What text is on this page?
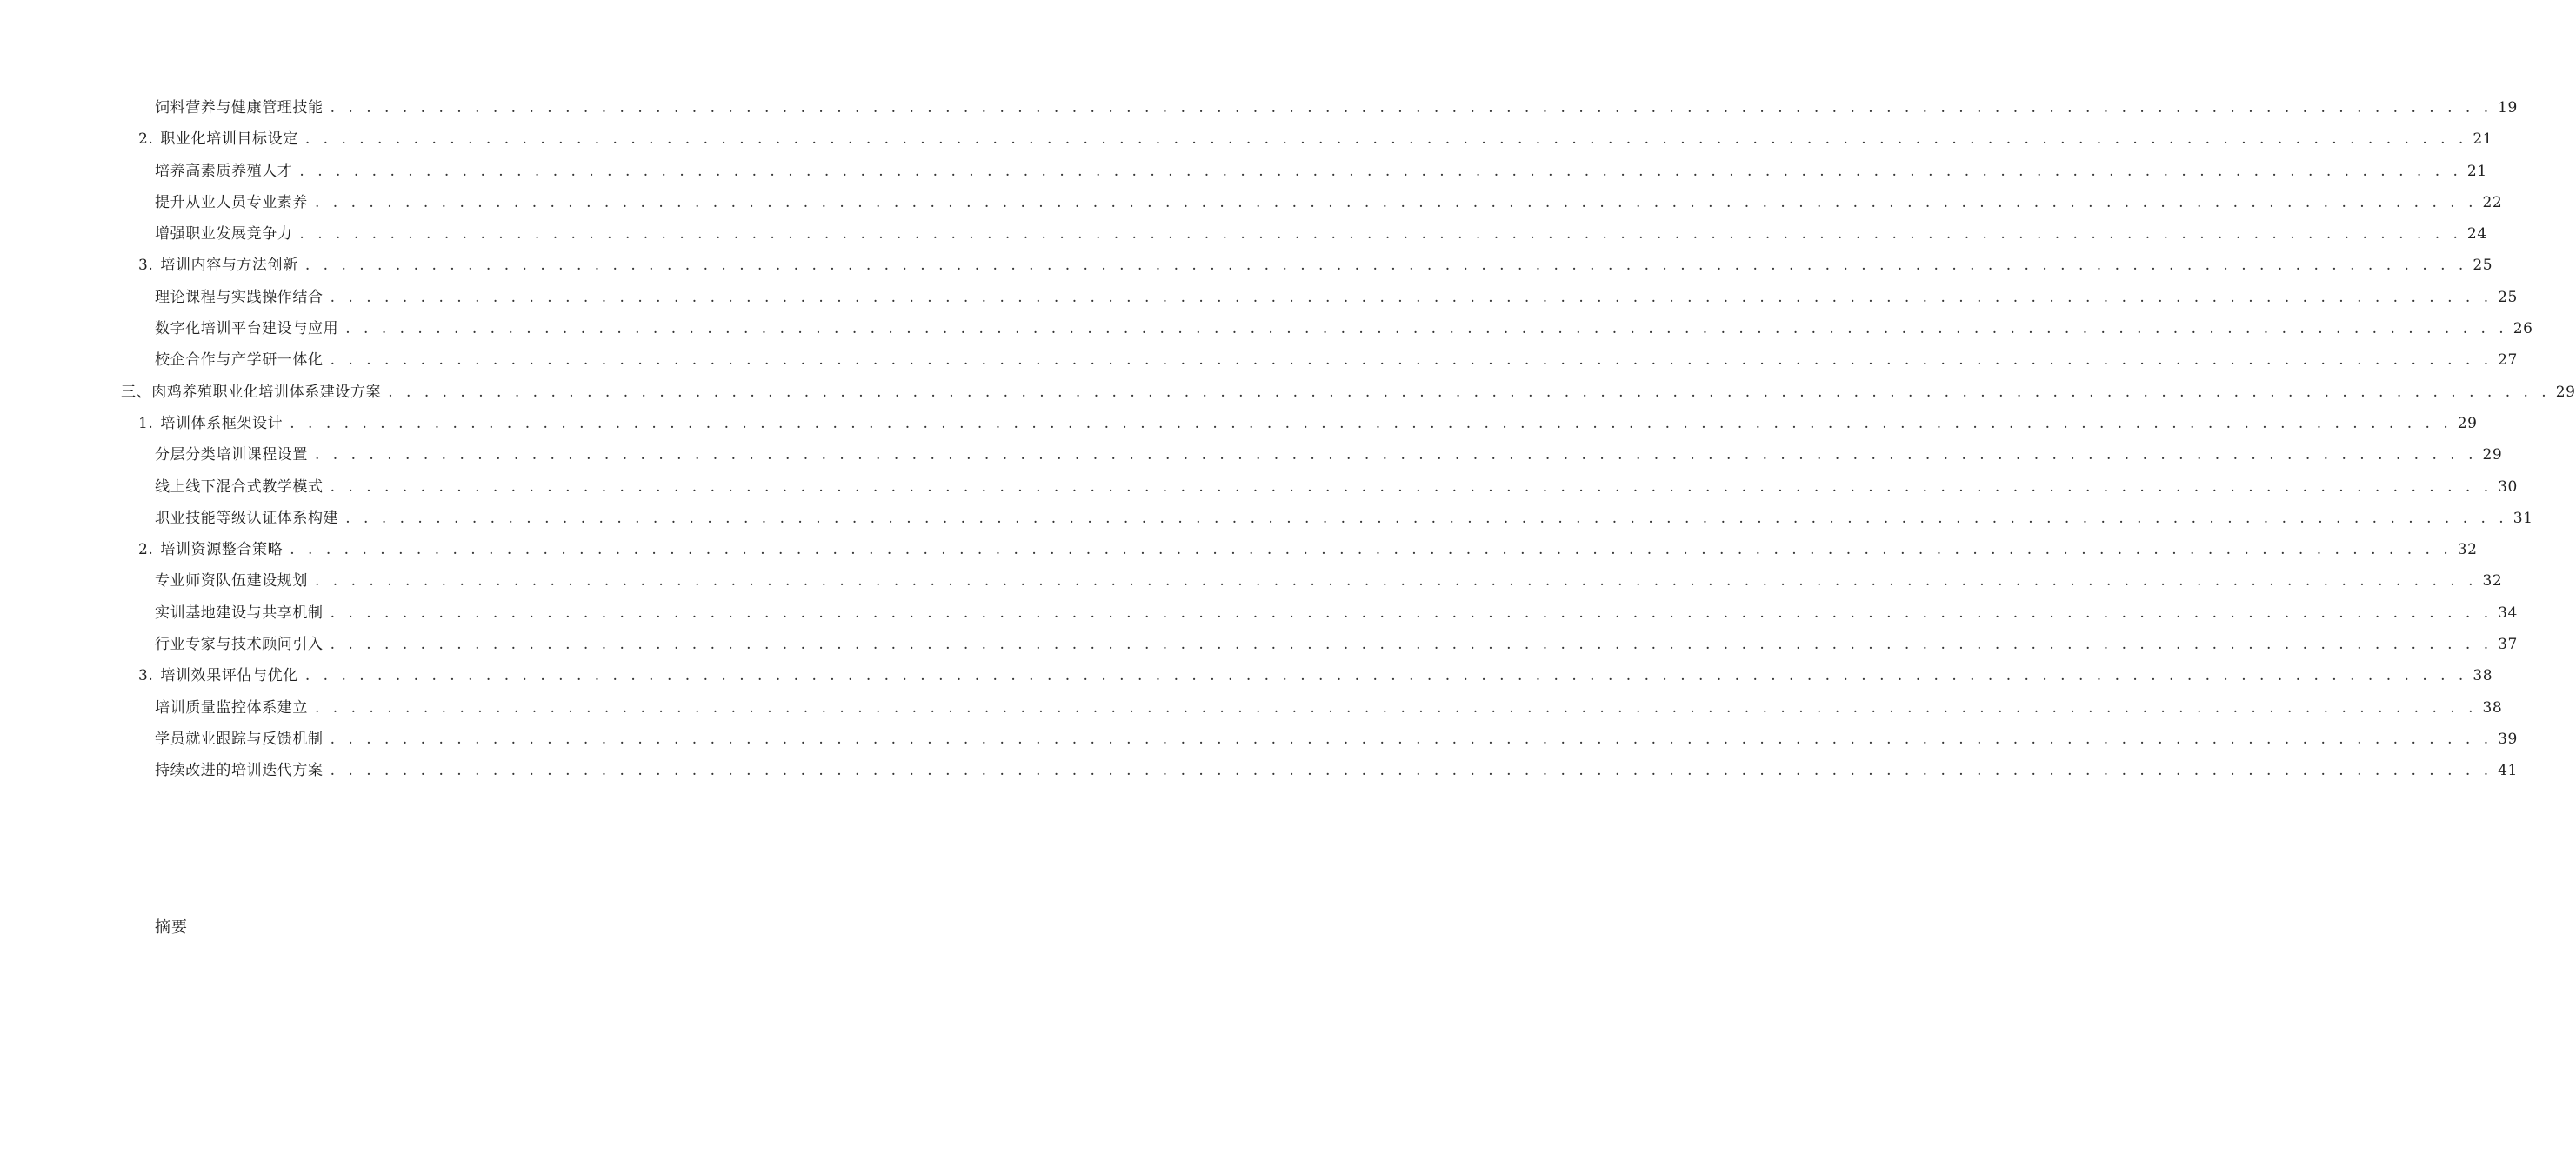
饲料营养与健康管理技能 . . . . . . . . . . . . . . . . . . . . . . . . . . . . . . . . . . . . . . . . . . . . . . . . . . . . . . . . . . . . . . . . . . . . . . . . . . . . . . . . . . . . . . . . . . . . . . . . . . . . . . . . . . . . . . . . . . . . . . . . 19
2. 职业化培训目标设定 . . . . . . . . . . . . . . . . . . . . . . . . . . . . . . . . . . . . . . . . . . . . . . . . . . . . . . . . . . . . . . . . . . . . . . . . . . . . . . . . . . . . . . . . . . . . . . . . . . . . . . . . . . . . . . . . . . . . . . . . 21
培养高素质养殖人才 . . . . . . . . . . . . . . . . . . . . . . . . . . . . . . . . . . . . . . . . . . . . . . . . . . . . . . . . . . . . . . . . . . . . . . . . . . . . . . . . . . . . . . . . . . . . . . . . . . . . . . . . . . . . . . . . . . . . . . . . 21
提升从业人员专业素养 . . . . . . . . . . . . . . . . . . . . . . . . . . . . . . . . . . . . . . . . . . . . . . . . . . . . . . . . . . . . . . . . . . . . . . . . . . . . . . . . . . . . . . . . . . . . . . . . . . . . . . . . . . . . . . . . . . . . . . . . 22
增强职业发展竞争力 . . . . . . . . . . . . . . . . . . . . . . . . . . . . . . . . . . . . . . . . . . . . . . . . . . . . . . . . . . . . . . . . . . . . . . . . . . . . . . . . . . . . . . . . . . . . . . . . . . . . . . . . . . . . . . . . . . . . . . . . 24
3. 培训内容与方法创新 . . . . . . . . . . . . . . . . . . . . . . . . . . . . . . . . . . . . . . . . . . . . . . . . . . . . . . . . . . . . . . . . . . . . . . . . . . . . . . . . . . . . . . . . . . . . . . . . . . . . . . . . . . . . . . . . . . . . . . . . 25
理论课程与实践操作结合 . . . . . . . . . . . . . . . . . . . . . . . . . . . . . . . . . . . . . . . . . . . . . . . . . . . . . . . . . . . . . . . . . . . . . . . . . . . . . . . . . . . . . . . . . . . . . . . . . . . . . . . . . . . . . . . . . . . . . . . . 25
数字化培训平台建设与应用 . . . . . . . . . . . . . . . . . . . . . . . . . . . . . . . . . . . . . . . . . . . . . . . . . . . . . . . . . . . . . . . . . . . . . . . . . . . . . . . . . . . . . . . . . . . . . . . . . . . . . . . . . . . . . . . . . . . . . . . . 26
校企合作与产学研一体化 . . . . . . . . . . . . . . . . . . . . . . . . . . . . . . . . . . . . . . . . . . . . . . . . . . . . . . . . . . . . . . . . . . . . . . . . . . . . . . . . . . . . . . . . . . . . . . . . . . . . . . . . . . . . . . . . . . . . . . . . 27
三、肉鸡养殖职业化培训体系建设方案 . . . . . . . . . . . . . . . . . . . . . . . . . . . . . . . . . . . . . . . . . . . . . . . . . . . . . . . . . . . . . . . . . . . . . . . . . . . . . . . . . . . . . . . . . . . . . . . . . . . . . . . . . . . . . . . . . . . . . . . . 29
1. 培训体系框架设计 . . . . . . . . . . . . . . . . . . . . . . . . . . . . . . . . . . . . . . . . . . . . . . . . . . . . . . . . . . . . . . . . . . . . . . . . . . . . . . . . . . . . . . . . . . . . . . . . . . . . . . . . . . . . . . . . . . . . . . . . 29
分层分类培训课程设置 . . . . . . . . . . . . . . . . . . . . . . . . . . . . . . . . . . . . . . . . . . . . . . . . . . . . . . . . . . . . . . . . . . . . . . . . . . . . . . . . . . . . . . . . . . . . . . . . . . . . . . . . . . . . . . . . . . . . . . . . 29
线上线下混合式教学模式 . . . . . . . . . . . . . . . . . . . . . . . . . . . . . . . . . . . . . . . . . . . . . . . . . . . . . . . . . . . . . . . . . . . . . . . . . . . . . . . . . . . . . . . . . . . . . . . . . . . . . . . . . . . . . . . . . . . . . . . . 30
职业技能等级认证体系构建 . . . . . . . . . . . . . . . . . . . . . . . . . . . . . . . . . . . . . . . . . . . . . . . . . . . . . . . . . . . . . . . . . . . . . . . . . . . . . . . . . . . . . . . . . . . . . . . . . . . . . . . . . . . . . . . . . . . . . . . . 31
2. 培训资源整合策略 . . . . . . . . . . . . . . . . . . . . . . . . . . . . . . . . . . . . . . . . . . . . . . . . . . . . . . . . . . . . . . . . . . . . . . . . . . . . . . . . . . . . . . . . . . . . . . . . . . . . . . . . . . . . . . . . . . . . . . . . 32
专业师资队伍建设规划 . . . . . . . . . . . . . . . . . . . . . . . . . . . . . . . . . . . . . . . . . . . . . . . . . . . . . . . . . . . . . . . . . . . . . . . . . . . . . . . . . . . . . . . . . . . . . . . . . . . . . . . . . . . . . . . . . . . . . . . . 32
实训基地建设与共享机制 . . . . . . . . . . . . . . . . . . . . . . . . . . . . . . . . . . . . . . . . . . . . . . . . . . . . . . . . . . . . . . . . . . . . . . . . . . . . . . . . . . . . . . . . . . . . . . . . . . . . . . . . . . . . . . . . . . . . . . . . 34
行业专家与技术顾问引入 . . . . . . . . . . . . . . . . . . . . . . . . . . . . . . . . . . . . . . . . . . . . . . . . . . . . . . . . . . . . . . . . . . . . . . . . . . . . . . . . . . . . . . . . . . . . . . . . . . . . . . . . . . . . . . . . . . . . . . . . 37
3. 培训效果评估与优化 . . . . . . . . . . . . . . . . . . . . . . . . . . . . . . . . . . . . . . . . . . . . . . . . . . . . . . . . . . . . . . . . . . . . . . . . . . . . . . . . . . . . . . . . . . . . . . . . . . . . . . . . . . . . . . . . . . . . . . . . 38
培训质量监控体系建立 . . . . . . . . . . . . . . . . . . . . . . . . . . . . . . . . . . . . . . . . . . . . . . . . . . . . . . . . . . . . . . . . . . . . . . . . . . . . . . . . . . . . . . . . . . . . . . . . . . . . . . . . . . . . . . . . . . . . . . . . 38
学员就业跟踪与反馈机制 . . . . . . . . . . . . . . . . . . . . . . . . . . . . . . . . . . . . . . . . . . . . . . . . . . . . . . . . . . . . . . . . . . . . . . . . . . . . . . . . . . . . . . . . . . . . . . . . . . . . . . . . . . . . . . . . . . . . . . . . 39
持续改进的培训迭代方案 . . . . . . . . . . . . . . . . . . . . . . . . . . . . . . . . . . . . . . . . . . . . . . . . . . . . . . . . . . . . . . . . . . . . . . . . . . . . . . . . . . . . . . . . . . . . . . . . . . . . . . . . . . . . . . . . . . . . . . . . 41
摘要
